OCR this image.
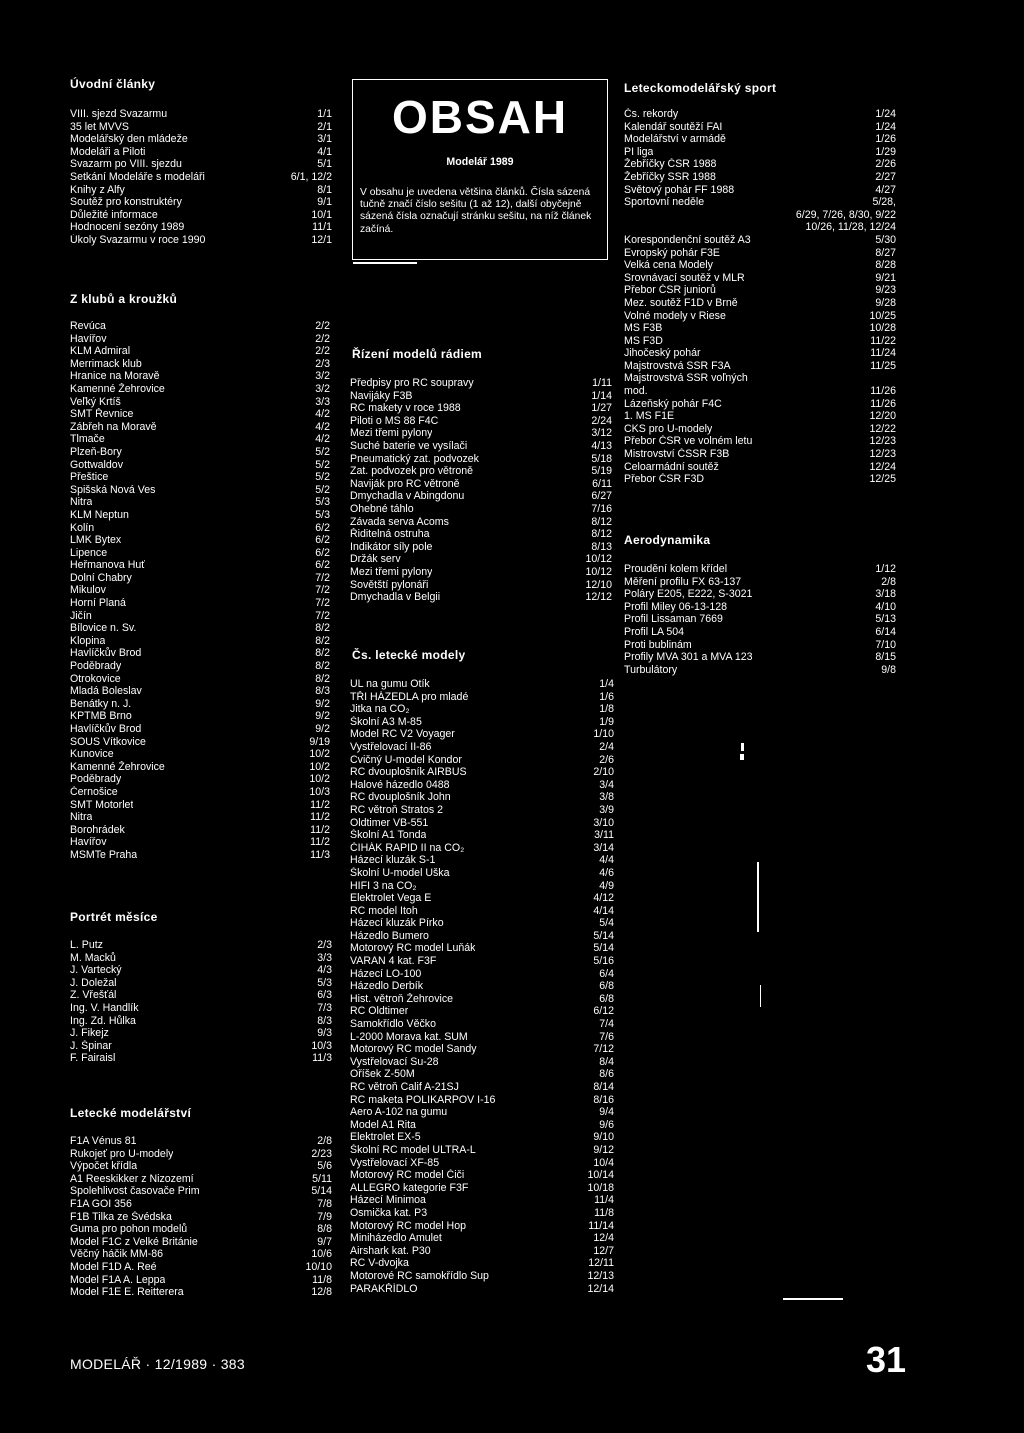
Úvodní články
VIII. sjezd Svazarmu	1/1
35 let MVVS	2/1
Modelářský den mládeže	3/1
Modeláři a Piloti	4/1
Svazarm po VIII. sjezdu	5/1
Setkání Modeláře s modeláři	6/1, 12/2
Knihy z Alfy	8/1
Soutěž pro konstruktéry	9/1
Důležité informace	10/1
Hodnocení sezóny 1989	11/1
Úkoly Svazarmu v roce 1990	12/1
Z klubů a kroužků
Revúca	2/2
Havířov	2/2
KLM Admiral	2/2
Merrimack klub	2/3
Hranice na Moravě	3/2
Kamenné Žehrovice	3/2
Veľký Krtíš	3/3
SMT Řevnice	4/2
Zábřeh na Moravě	4/2
Tlmače	4/2
Plzeň-Bory	5/2
Gottwaldov	5/2
Přeštice	5/2
Spišská Nová Ves	5/2
Nitra	5/3
KLM Neptun	5/3
Kolín	6/2
LMK Bytex	6/2
Lipence	6/2
Heřmanova Huť	6/2
Dolní Chabry	7/2
Mikulov	7/2
Horní Planá	7/2
Jičín	7/2
Bílovice n. Sv.	8/2
Klopina	8/2
Havlíčkův Brod	8/2
Poděbrady	8/2
Otrokovice	8/2
Mladá Boleslav	8/3
Benátky n. J.	9/2
KPTMB Brno	9/2
Havlíčkův Brod	9/2
SOUS Vítkovice	9/19
Kunovice	10/2
Kamenné Žehrovice	10/2
Poděbrady	10/2
Černošice	10/3
SMT Motorlet	11/2
Nitra	11/2
Borohrádek	11/2
Havířov	11/2
MSMTe Praha	11/3
Portrét měsíce
L. Putz	2/3
M. Macků	3/3
J. Vartecký	4/3
J. Doležal	5/3
Z. Vřešťál	6/3
Ing. V. Handlík	7/3
Ing. Zd. Hůlka	8/3
J. Fikejz	9/3
J. Špinar	10/3
F. Fairaisl	11/3
Letecké modelářství
F1A Vénus 81	2/8
Rukojeť pro U-modely	2/23
Výpočet křídla	5/6
A1 Reeskikker z Nizozemí	5/11
Spolehlivost časovače Prim	5/14
F1A GOI 356	7/8
F1B Tilka ze Švédska	7/9
Guma pro pohon modelů	8/8
Model F1C z Velké Británie	9/7
Věčný háčik MM-86	10/6
Model F1D A. Reé	10/10
Model F1A A. Leppa	11/8
Model F1E E. Reitterera	12/8
OBSAH
Modelář 1989
V obsahu je uvedena většina článků. Čísla sázená tučně značí číslo sešitu (1 až 12), další obyčejně sázená čísla označují stránku sešitu, na níž článek začíná.
Řízení modelů rádiem
Předpisy pro RC soupravy	1/11
Navijáky F3B	1/14
RC makety v roce 1988	1/27
Piloti o MS 88 F4C	2/24
Mezi třemi pylony	3/12
Suché baterie ve vysílači	4/13
Pneumatický zat. podvozek	5/18
Zat. podvozek pro větroně	5/19
Naviják pro RC větroně	6/11
Dmychadla v Abingdonu	6/27
Ohebné táhlo	7/16
Závada serva Acoms	8/12
Řiditelná ostruha	8/12
Indikátor síly pole	8/13
Držák serv	10/12
Mezi třemi pylony	10/12
Sovětští pylonáři	12/10
Dmychadla v Belgii	12/12
Čs. letecké modely
UL na gumu Otík	1/4
TŘI HÁZEDLA pro mladé	1/6
Jitka na CO₂	1/8
Školní A3 M-85	1/9
Model RC V2 Voyager	1/10
Vystřelovací II-86	2/4
Cvičný U-model Kondor	2/6
RC dvouplošník AIRBUS	2/10
Halové házedlo 0488	3/4
RC dvouplošník John	3/8
RC větroň Stratos 2	3/9
Oldtimer VB-551	3/10
Školní A1 Tonda	3/11
ČIHÁK RAPID II na CO₂	3/14
Házecí kluzák S-1	4/4
Školní U-model Uška	4/6
HIFI 3 na CO₂	4/9
Elektrolet Vega E	4/12
RC model Itoh	4/14
Házecí kluzák Pírko	5/4
Házedlo Bumero	5/14
Motorový RC model Luňák	5/14
VARAN 4 kat. F3F	5/16
Házecí LO-100	6/4
Házedlo Derbík	6/8
Hist. větroň Žehrovice	6/8
RC Oldtimer	6/12
Samokřídlo Věčko	7/4
L-2000 Morava kat. SUM	7/6
Motorový RC model Sandy	7/12
Vystřelovací Su-28	8/4
Oříšek Z-50M	8/6
RC větroň Calif A-21SJ	8/14
RC maketa POLIKARPOV I-16	8/16
Aero A-102 na gumu	9/4
Model A1 Rita	9/6
Elektrolet EX-5	9/10
Školní RC model ULTRA-L	9/12
Vystřelovací XF-85	10/4
Motorový RC model Čiči	10/14
ALLEGRO kategorie F3F	10/18
Házecí Minimoa	11/4
Osmička kat. P3	11/8
Motorový RC model Hop	11/14
Miniházedlo Amulet	12/4
Airshark kat. P30	12/7
RC V-dvojka	12/11
Motorové RC samokřídlo Sup	12/13
PARAKŘÍDLO	12/14
Leteckomodelářský sport
Čs. rekordy	1/24
Kalendář soutěží FAI	1/24
Modelářství v armádě	1/26
PI liga	1/29
Žebříčky ČSR 1988	2/26
Žebříčky SSR 1988	2/27
Světový pohár FF 1988	4/27
Sportovní neděle	5/28,
6/29, 7/26, 8/30, 9/22
10/26, 11/28, 12/24
Korespondenční soutěž A3	5/30
Evropský pohár F3E	8/27
Velká cena Modely	8/28
Srovnávací soutěž v MLR	9/21
Přebor ČSR juniorů	9/23
Mez. soutěž F1D v Brně	9/28
Volné modely v Riese	10/25
MS F3B	10/28
MS F3D	11/22
Jihočeský pohár	11/24
Majstrovstvá SSR F3A	11/25
Majstrovstvá SSR voľných
mod.	11/26
Lázeňský pohár F4C	11/26
1. MS F1E	12/20
CKS pro U-modely	12/22
Přebor ČSR ve volném letu	12/23
Mistrovství ČSSR F3B	12/23
Celoarmádní soutěž	12/24
Přebor ČSR F3D	12/25
Aerodynamika
Proudění kolem křídel	1/12
Měření profilu FX 63-137	2/8
Poláry E205, E222, S-3021	3/18
Profil Miley 06-13-128	4/10
Profil Lissaman 7669	5/13
Profil LA 504	6/14
Proti bublinám	7/10
Profily MVA 301 a MVA 123	8/15
Turbulátory	9/8
MODELÁŘ · 12/1989 · 383	31
